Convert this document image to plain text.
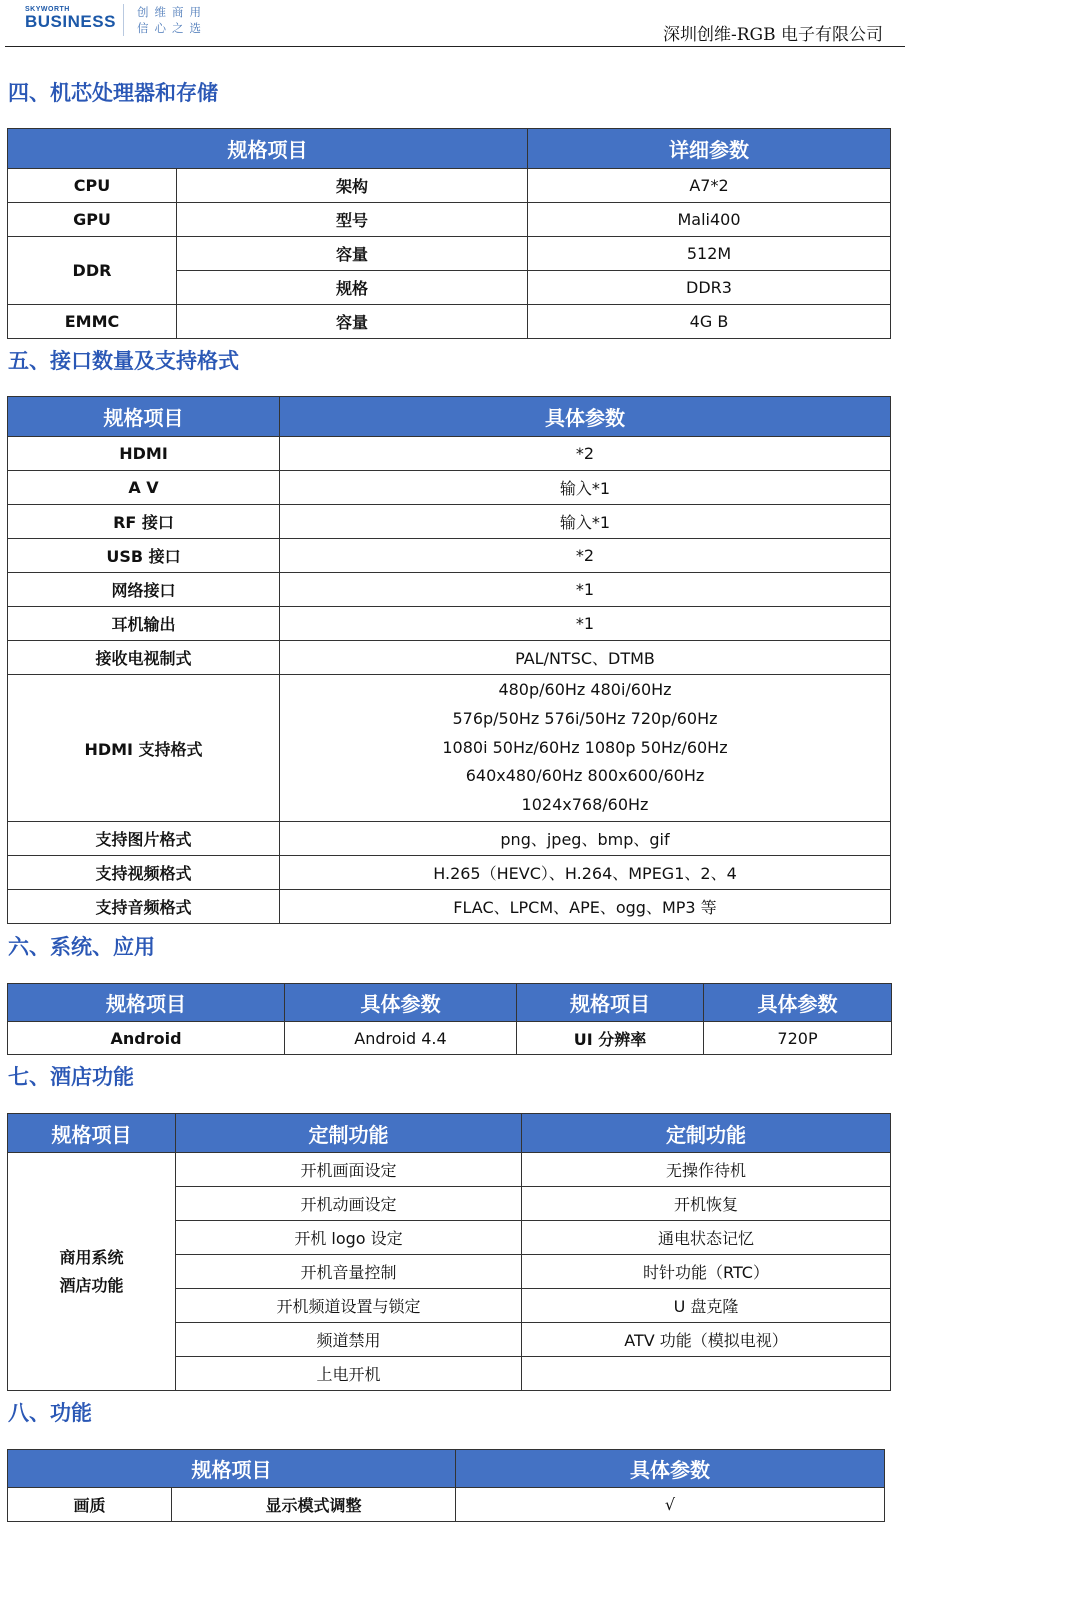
SKYWORTH
BUSINESS 创维商用
信心之选	深圳创维-RGB 电子有限公司
四、机芯处理器和存储
规格项目		详细参数
CPU	架构	A7*2
GPU	型号	Mali400
DDR	容量	512M
	规格	DDR3
EMMC	容量	4G B
五、接口数量及支持格式
规格项目	具体参数
HDMI	*2
A V	输入*1
RF 接口	输入*1
USB 接口	*2
网络接口	*1
耳机输出	*1
接收电视制式	PAL/NTSC、DTMB
HDMI 支持格式	480p/60Hz 480i/60Hz
576p/50Hz 576i/50Hz 720p/60Hz
1080i 50Hz/60Hz 1080p 50Hz/60Hz
640x480/60Hz 800x600/60Hz
1024x768/60Hz

支持图片格式	png、jpeg、bmp、gif
支持视频格式	H.265（HEVC）、H.264、MPEG1、2、4
支持音频格式	FLAC、LPCM、APE、ogg、MP3 等
六、系统、应用
规格项目	具体参数	规格项目	具体参数
Android	Android 4.4	UI 分辨率	720P
七、酒店功能
规格项目	定制功能	定制功能

商用系统
酒店功能	开机画面设定	无操作待机
	开机动画设定	开机恢复
	开机 logo 设定	通电状态记忆
	开机音量控制	时针功能（RTC）
	开机频道设置与锁定	U 盘克隆
	频道禁用	ATV 功能（模拟电视）
	上电开机	
八、功能
规格项目		具体参数
画质	显示模式调整	√
